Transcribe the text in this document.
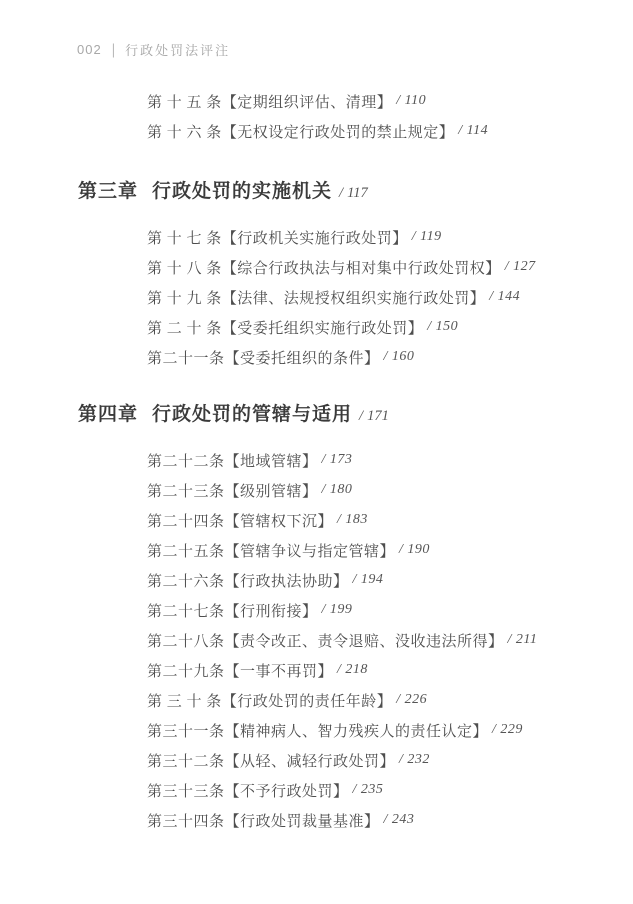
002 | 行政处罚法评注
第 十 五 条 【定期组织评估、清理】 / 110
第 十 六 条 【无权设定行政处罚的禁止规定】 / 114
第三章 行政处罚的实施机关 / 117
第 十 七 条 【行政机关实施行政处罚】 / 119
第 十 八 条 【综合行政执法与相对集中行政处罚权】 / 127
第 十 九 条 【法律、法规授权组织实施行政处罚】 / 144
第 二 十 条 【受委托组织实施行政处罚】 / 150
第二十一条 【受委托组织的条件】 / 160
第四章 行政处罚的管辖与适用 / 171
第二十二条 【地域管辖】 / 173
第二十三条 【级别管辖】 / 180
第二十四条 【管辖权下沉】 / 183
第二十五条 【管辖争议与指定管辖】 / 190
第二十六条 【行政执法协助】 / 194
第二十七条 【行刑衔接】 / 199
第二十八条 【责令改正、责令退赔、没收违法所得】 / 211
第二十九条 【一事不再罚】 / 218
第 三 十 条 【行政处罚的责任年龄】 / 226
第三十一条 【精神病人、智力残疾人的责任认定】 / 229
第三十二条 【从轻、减轻行政处罚】 / 232
第三十三条 【不予行政处罚】 / 235
第三十四条 【行政处罚裁量基准】 / 243
